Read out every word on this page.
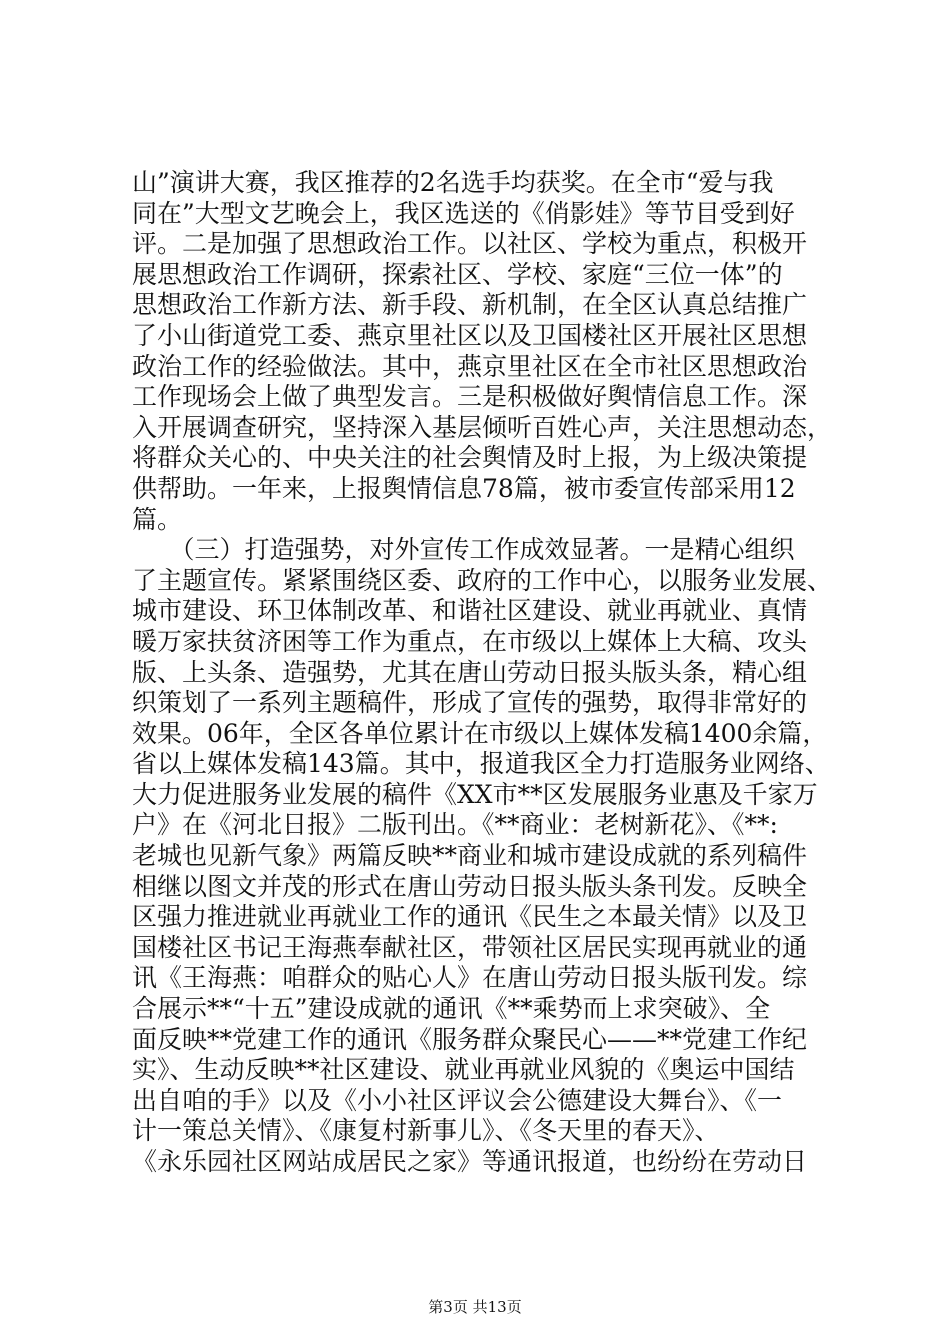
山”演讲大赛，我区推荐的2名选手均获奖。在全市“爱与我
同在”大型文艺晚会上，我区选送的《俏影娃》等节目受到好
评。二是加强了思想政治工作。以社区、学校为重点，积极开
展思想政治工作调研，探索社区、学校、家庭“三位一体”的
思想政治工作新方法、新手段、新机制，在全区认真总结推广
了小山街道党工委、燕京里社区以及卫国楼社区开展社区思想
政治工作的经验做法。其中，燕京里社区在全市社区思想政治
工作现场会上做了典型发言。三是积极做好舆情信息工作。深
入开展调查研究，坚持深入基层倾听百姓心声，关注思想动态，
将群众关心的、中央关注的社会舆情及时上报，为上级决策提
供帮助。一年来，上报舆情信息78篇，被市委宣传部采用12
篇。
　　（三）打造强势，对外宣传工作成效显著。一是精心组织
了主题宣传。紧紧围绕区委、政府的工作中心，以服务业发展、
城市建设、环卫体制改革、和谐社区建设、就业再就业、真情
暖万家扶贫济困等工作为重点，在市级以上媒体上大稿、攻头
版、上头条、造强势，尤其在唐山劳动日报头版头条，精心组
织策划了一系列主题稿件，形成了宣传的强势，取得非常好的
效果。06年，全区各单位累计在市级以上媒体发稿1400余篇，
省以上媒体发稿143篇。其中，报道我区全力打造服务业网络、
大力促进服务业发展的稿件《XX市**区发展服务业惠及千家万
户》在《河北日报》二版刊出。《**商业：老树新花》、《**:
老城也见新气象》两篇反映**商业和城市建设成就的系列稿件
相继以图文并茂的形式在唐山劳动日报头版头条刊发。反映全
区强力推进就业再就业工作的通讯《民生之本最关情》以及卫
国楼社区书记王海燕奉献社区，带领社区居民实现再就业的通
讯《王海燕：咱群众的贴心人》在唐山劳动日报头版刊发。综
合展示**“十五”建设成就的通讯《**乘势而上求突破》、全
面反映**党建工作的通讯《服务群众聚民心——**党建工作纪
实》、生动反映**社区建设、就业再就业风貌的《奥运中国结
出自咱的手》以及《小小社区评议会公德建设大舞台》、《一
计一策总关情》、《康复村新事儿》、《冬天里的春天》、
《永乐园社区网站成居民之家》等通讯报道，也纷纷在劳动日
第3页 共13页
